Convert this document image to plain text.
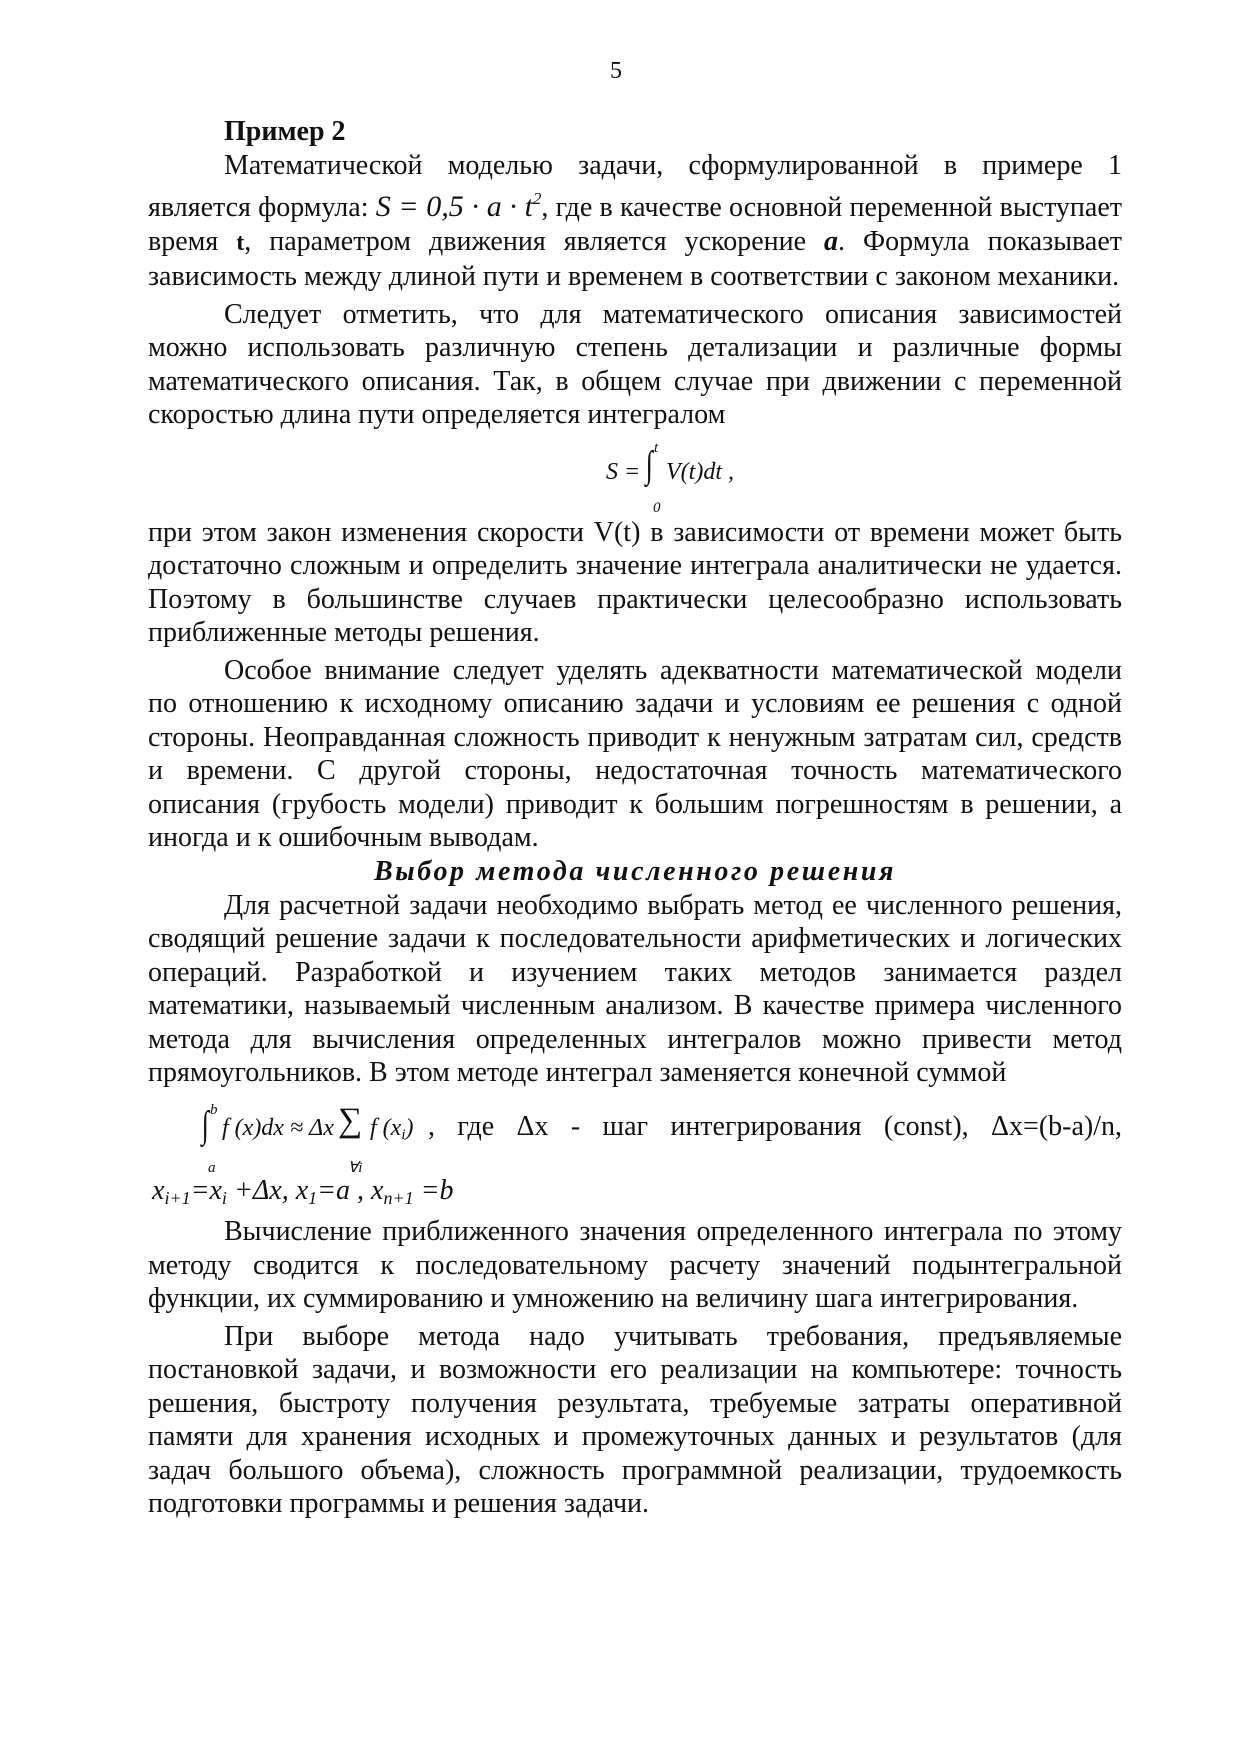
5
Пример 2

Математической моделью задачи, сформулированной в примере 1 является формула: $S = 0,5 \cdot a \cdot t^2$, где в качестве основной переменной выступает время t, параметром движения является ускорение a. Формула показывает зависимость между длиной пути и временем в соответствии с законом механики.

Следует отметить, что для математического описания зависимостей можно использовать различную степень детализации и различные формы математического описания. Так, в общем случае при движении с переменной скоростью длина пути определяется интегралом

S =
t
∫
0
V(t)dt ,

при этом закон изменения скорости V(t) в зависимости от времени может быть достаточно сложным и определить значение интеграла аналитически не удается. Поэтому в большинстве случаев практически целесообразно использовать приближенные методы решения.

Особое внимание следует уделять адекватности математической модели по отношению к исходному описанию задачи и условиям ее решения с одной стороны. Неоправданная сложность приводит к ненужным затратам сил, средств и времени. С другой стороны, недостаточная точность математического описания (грубость модели) приводит к большим погрешностям в решении, а иногда и к ошибочным выводам.

Выбор метода численного решения

Для расчетной задачи необходимо выбрать метод ее численного решения, сводящий решение задачи к последовательности арифметических и логических операций. Разработкой и изучением таких методов занимается раздел математики, называемый численным анализом. В качестве примера численного метода для вычисления определенных интегралов можно привести метод прямоугольников. В этом методе интеграл заменяется конечной суммой

b
∫
a
f (x)dx ≈ Δx ∑
∀i
f (xi) , где Δx - шаг интегрирования (const), Δx=(b-a)/n,

$x_{i+1}=x_i +\Delta x$, $x_1=a$ , $x_{n+1} =b$

Вычисление приближенного значения определенного интеграла по этому методу сводится к последовательному расчету значений подынтегральной функции, их суммированию и умножению на величину шага интегрирования.

При выборе метода надо учитывать требования, предъявляемые постановкой задачи, и возможности его реализации на компьютере: точность решения, быстроту получения результата, требуемые затраты оперативной памяти для хранения исходных и промежуточных данных и результатов (для задач большого объема), сложность программной реализации, трудоемкость подготовки программы и решения задачи.
